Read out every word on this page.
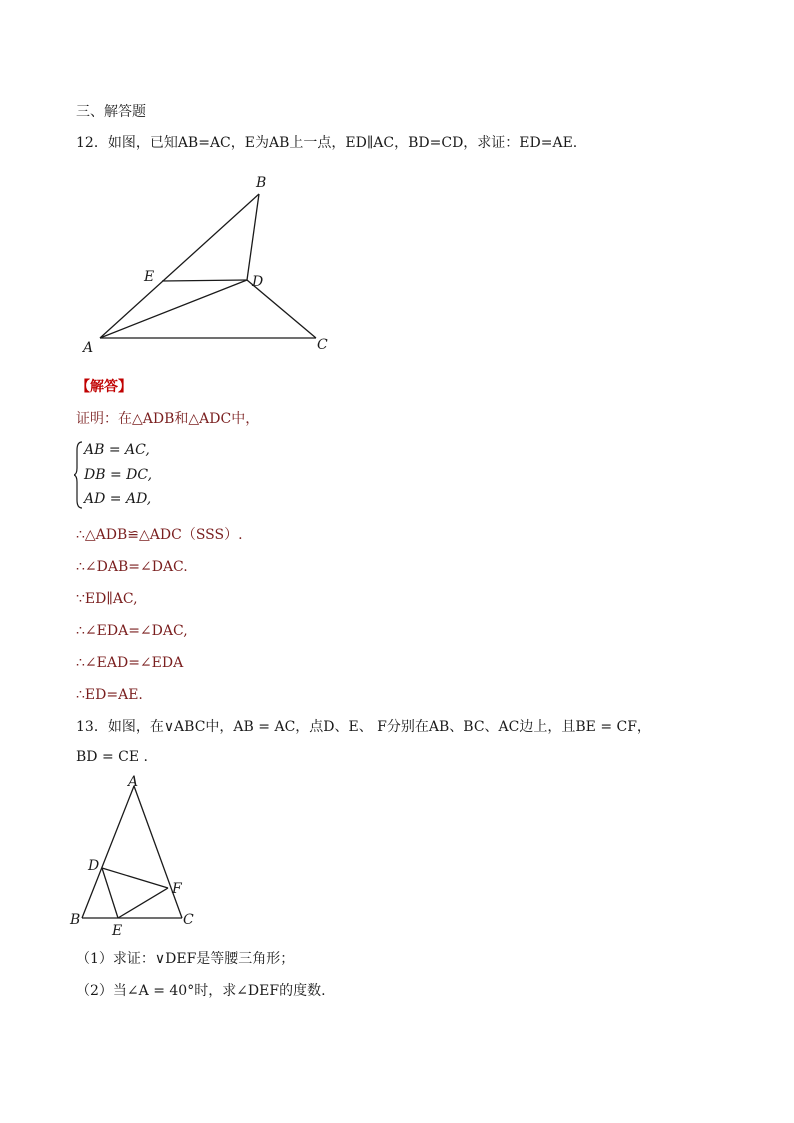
三、解答题
12．如图，已知AB=AC，E为AB上一点，ED∥AC，BD=CD，求证：ED=AE.
B
E	D
A	C
【解答】
证明：在△ADB和△ADC中，
AB = AC,
DB = DC,
AD = AD,
∴△ADB≌△ADC（SSS）.
∴∠DAB=∠DAC.
∵ED∥AC,
∴∠EDA=∠DAC,
∴∠EAD=∠EDA
∴ED=AE.
13．如图，在∨ABC中，AB = AC，点D、E、 F分别在AB、BC、AC边上，且BE = CF，
BD = CE .
A
D
F
B	C
E
（1）求证：∨DEF是等腰三角形；
（2）当∠A = 40°时，求∠DEF的度数.
